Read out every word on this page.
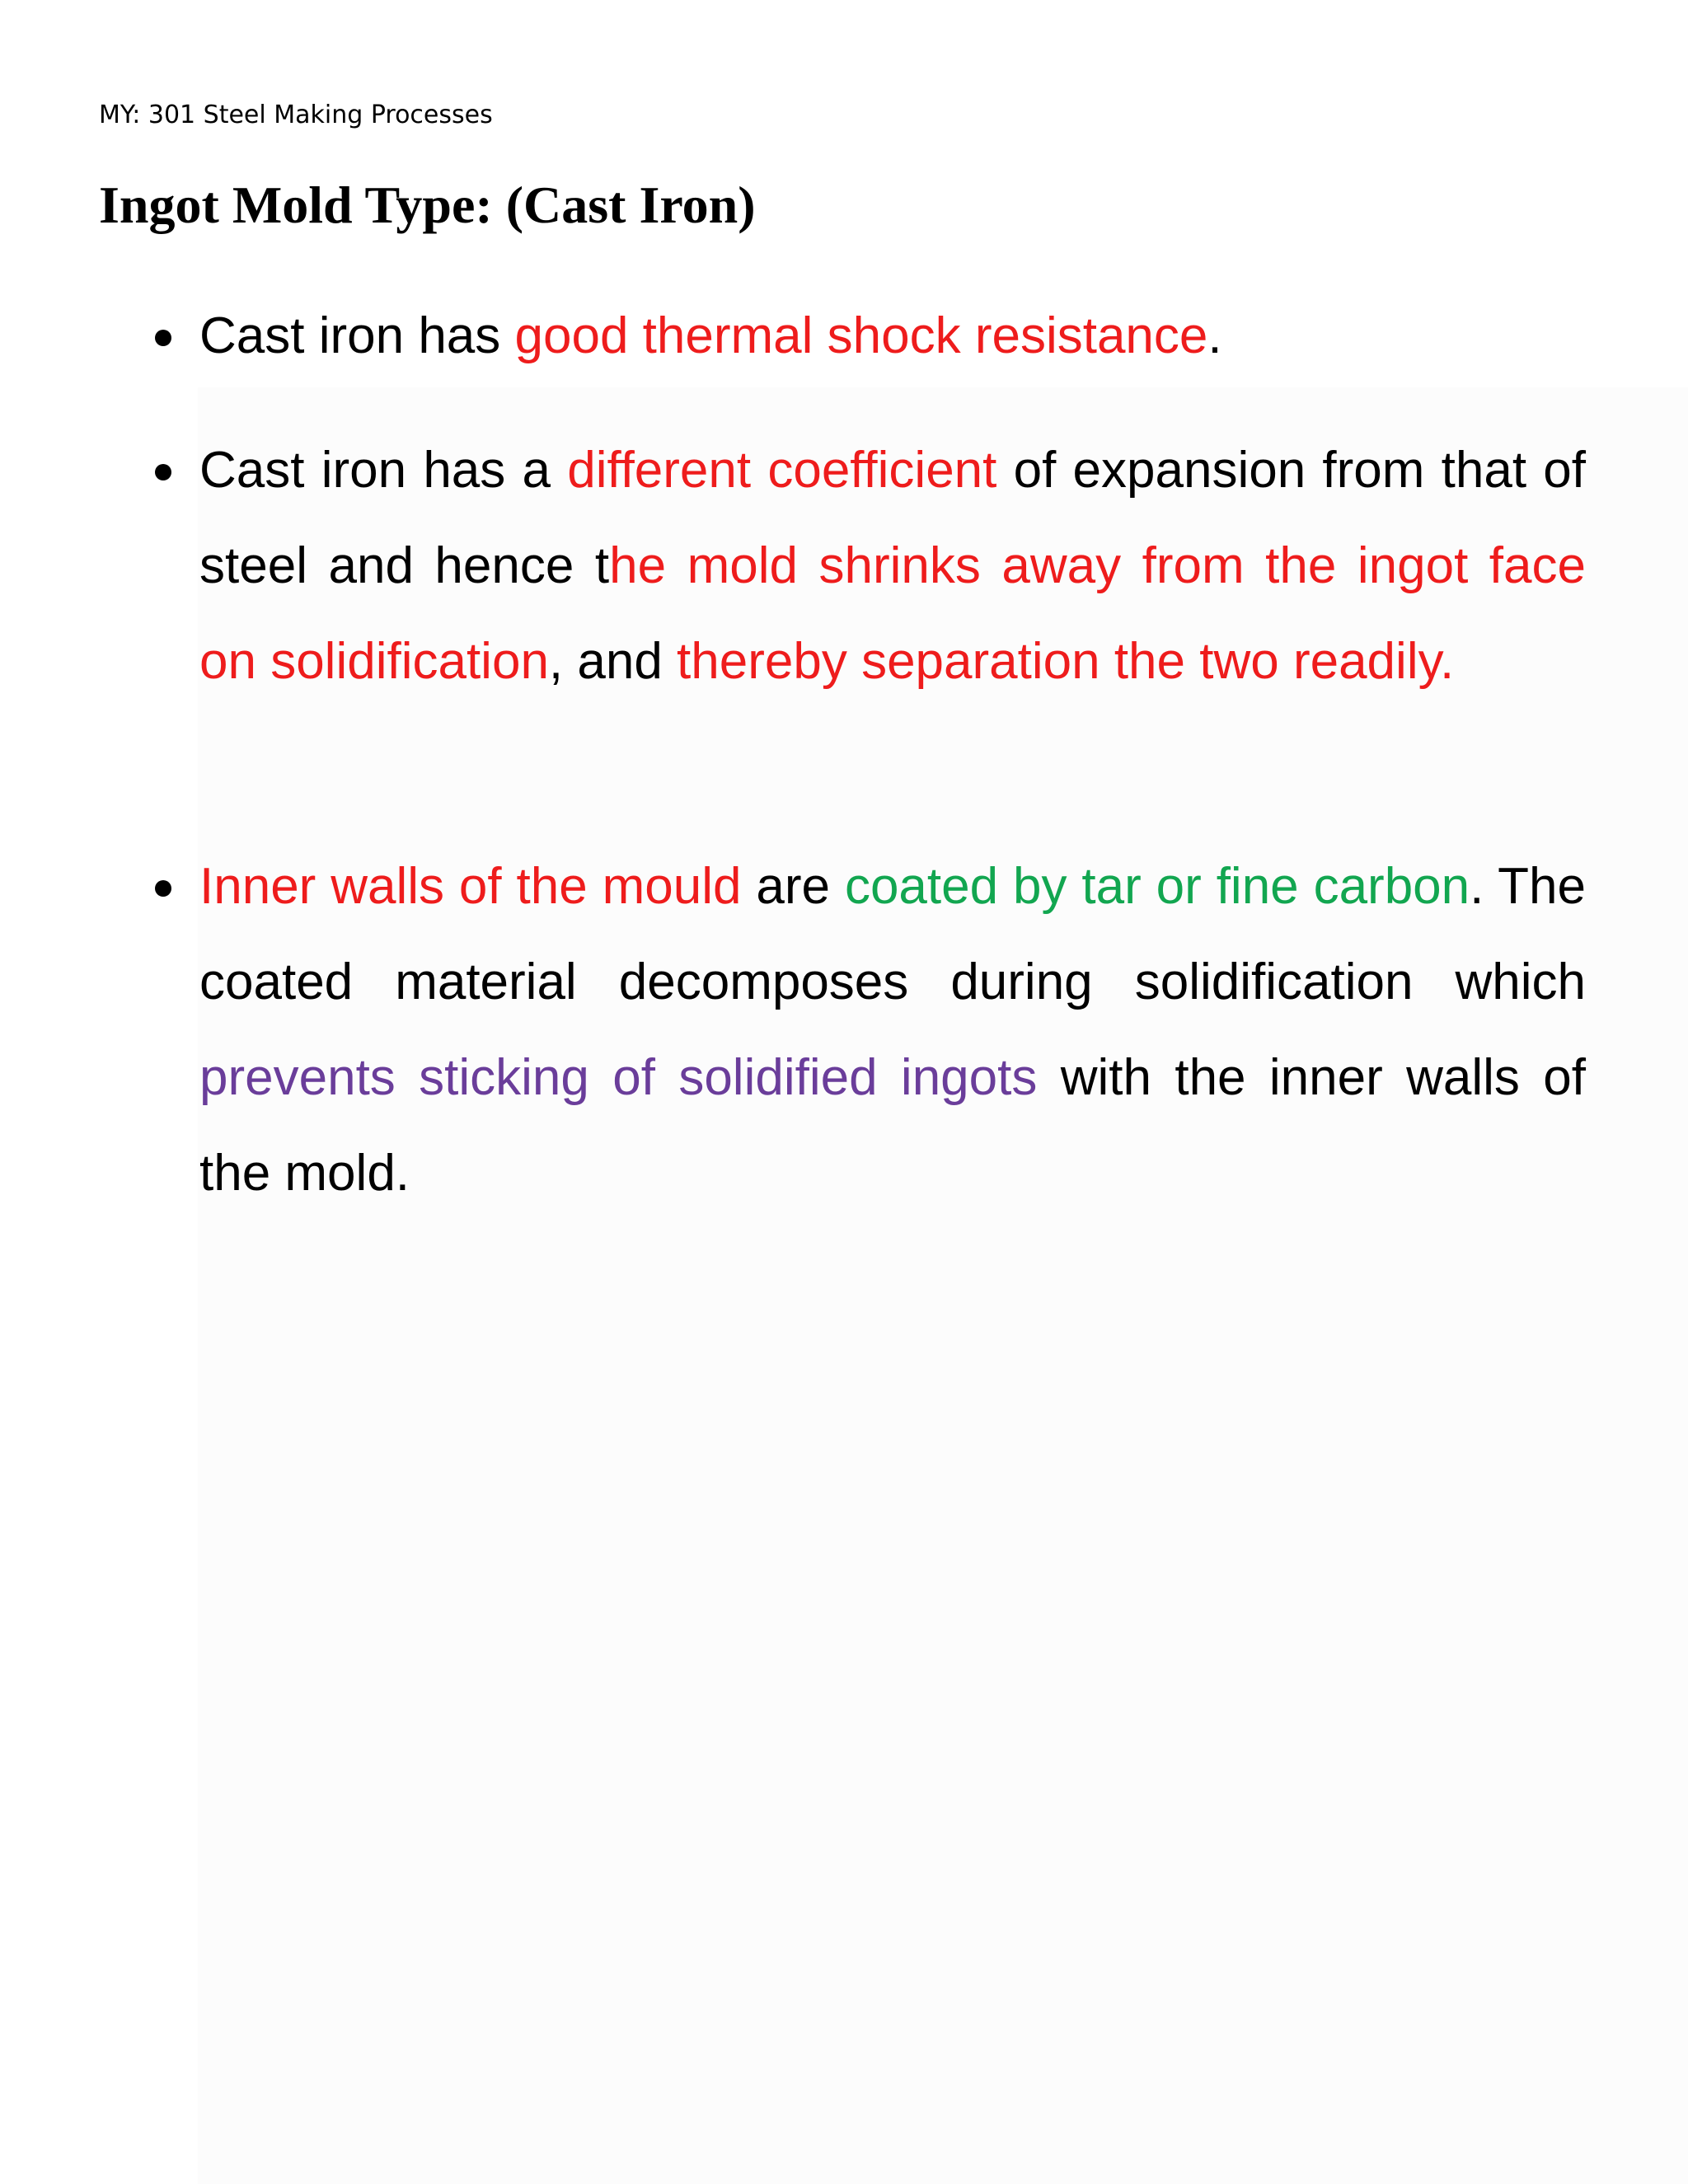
MY: 301 Steel Making Processes
Ingot Mold Type: (Cast Iron)
Cast iron has good thermal shock resistance.
Cast iron has a different coefficient of expansion from that of steel and hence the mold shrinks away from the ingot face on solidification, and thereby separation the two readily.
Inner walls of the mould are coated by tar or fine carbon. The coated material decomposes during solidification which prevents sticking of solidified ingots with the inner walls of the mold.
